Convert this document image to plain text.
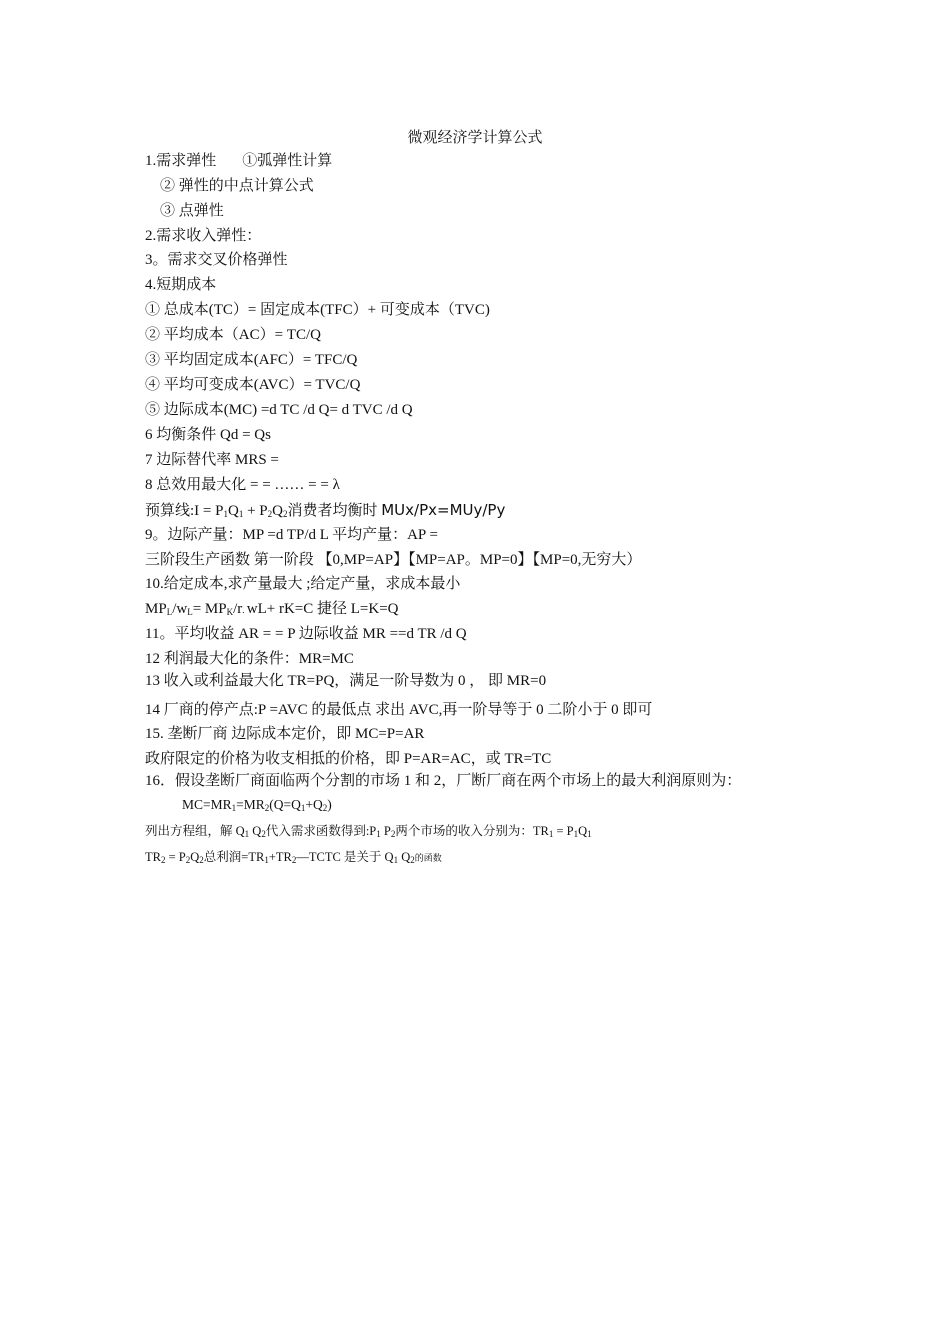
微观经济学计算公式
1.需求弹性 ①弧弹性计算
② 弹性的中点计算公式
③ 点弹性
2.需求收入弹性：
3。需求交叉价格弹性
4.短期成本
① 总成本(TC）= 固定成本(TFC）+ 可变成本（TVC)
② 平均成本（AC）= TC/Q
③ 平均固定成本(AFC）= TFC/Q
④ 平均可变成本(AVC）= TVC/Q
⑤ 边际成本(MC) =d TC /d Q= d TVC /d Q
6 均衡条件 Qd = Qs
7 边际替代率 MRS =
8 总效用最大化 = = …… = = λ
预算线:I = $P_1Q_1 + P_2Q_2$消费者均衡时 MUx/Px=MUy/Py
9。边际产量：MP =d TP/d L 平均产量：AP =
三阶段生产函数 第一阶段 【0,MP=AP】【MP=AP。MP=0】【MP=0,无穷大）
10.给定成本,求产量最大 ;给定产量，求成本最小
$MP_L/w_L= MP_K/r$. wL+ rK=C 捷径 L=K=Q
11。平均收益 AR = = P 边际收益 MR ==d TR /d Q
12 利润最大化的条件：MR=MC
13 收入或利益最大化 TR=PQ，满足一阶导数为 0 ， 即 MR=0
14 厂商的停产点:P =AVC 的最低点 求出 AVC,再一阶导等于 0 二阶小于 0 即可
15. 垄断厂商 边际成本定价，即 MC=P=AR
政府限定的价格为收支相抵的价格，即 P=AR=AC，或 TR=TC
16．假设垄断厂商面临两个分割的市场 1 和 2，厂断厂商在两个市场上的最大利润原则为：
$MC=MR_1=MR_2(Q=Q_1+Q_2)$
列出方程组，解 $Q_1$ $Q_2$代入需求函数得到$:P_1$ $P_2$两个市场的收入分别为：$TR_1 = P_1Q_1$
$TR_2 = P_2Q_2$总利润$=TR_1+TR_2—TCTC$ 是关于 $Q_1$ $Q_2$的函数
